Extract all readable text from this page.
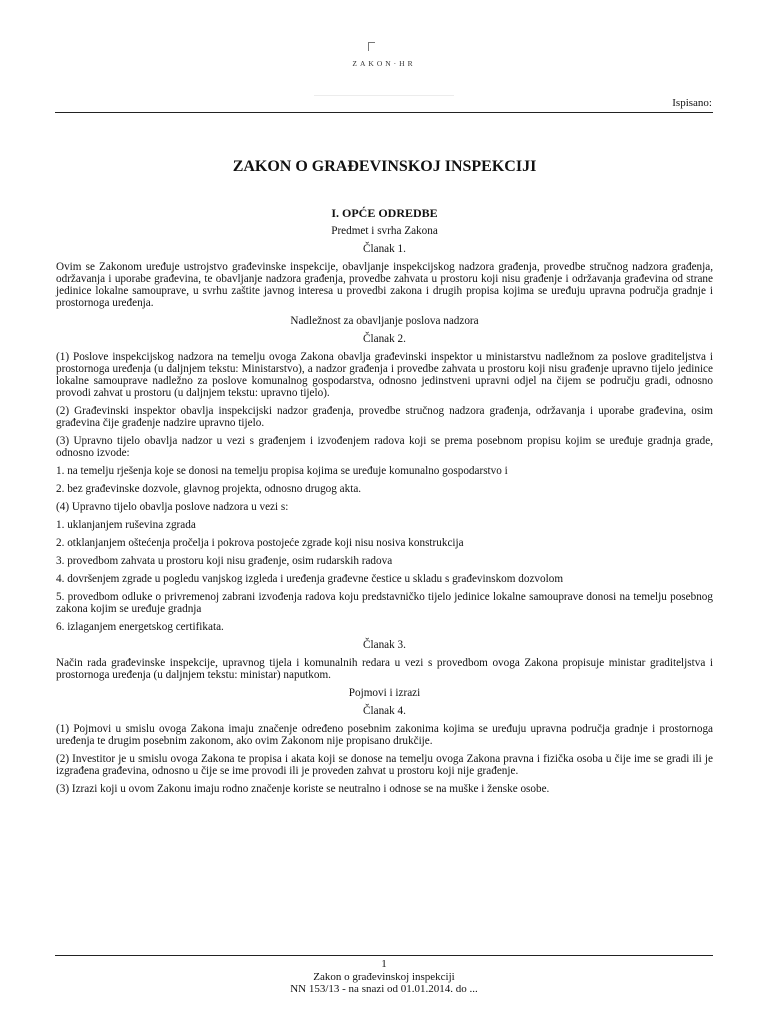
ZAKON·HR
Ispisano:
ZAKON O GRAĐEVINSKOJ INSPEKCIJI
I. OPĆE ODREDBE
Predmet i svrha Zakona
Članak 1.
Ovim se Zakonom uređuje ustrojstvo građevinske inspekcije, obavljanje inspekcijskog nadzora građenja, provedbe stručnog nadzora građenja, održavanja i uporabe građevina, te obavljanje nadzora građenja, provedbe zahvata u prostoru koji nisu građenje i održavanja građevina od strane jedinice lokalne samouprave, u svrhu zaštite javnog interesa u provedbi zakona i drugih propisa kojima se uređuju upravna područja gradnje i prostornoga uređenja.
Nadležnost za obavljanje poslova nadzora
Članak 2.
(1) Poslove inspekcijskog nadzora na temelju ovoga Zakona obavlja građevinski inspektor u ministarstvu nadležnom za poslove graditeljstva i prostornoga uređenja (u daljnjem tekstu: Ministarstvo), a nadzor građenja i provedbe zahvata u prostoru koji nisu građenje upravno tijelo jedinice lokalne samouprave nadležno za poslove komunalnog gospodarstva, odnosno jedinstveni upravni odjel na čijem se području gradi, odnosno provodi zahvat u prostoru (u daljnjem tekstu: upravno tijelo).
(2) Građevinski inspektor obavlja inspekcijski nadzor građenja, provedbe stručnog nadzora građenja, održavanja i uporabe građevina, osim građevina čije građenje nadzire upravno tijelo.
(3) Upravno tijelo obavlja nadzor u vezi s građenjem i izvođenjem radova koji se prema posebnom propisu kojim se uređuje gradnja grade, odnosno izvode:
1. na temelju rješenja koje se donosi na temelju propisa kojima se uređuje komunalno gospodarstvo i
2. bez građevinske dozvole, glavnog projekta, odnosno drugog akta.
(4) Upravno tijelo obavlja poslove nadzora u vezi s:
1. uklanjanjem ruševina zgrada
2. otklanjanjem oštećenja pročelja i pokrova postojeće zgrade koji nisu nosiva konstrukcija
3. provedbom zahvata u prostoru koji nisu građenje, osim rudarskih radova
4. dovršenjem zgrade u pogledu vanjskog izgleda i uređenja građevne čestice u skladu s građevinskom dozvolom
5. provedbom odluke o privremenoj zabrani izvođenja radova koju predstavničko tijelo jedinice lokalne samouprave donosi na temelju posebnog zakona kojim se uređuje gradnja
6. izlaganjem energetskog certifikata.
Članak 3.
Način rada građevinske inspekcije, upravnog tijela i komunalnih redara u vezi s provedbom ovoga Zakona propisuje ministar graditeljstva i prostornoga uređenja (u daljnjem tekstu: ministar) naputkom.
Pojmovi i izrazi
Članak 4.
(1) Pojmovi u smislu ovoga Zakona imaju značenje određeno posebnim zakonima kojima se uređuju upravna područja gradnje i prostornoga uređenja te drugim posebnim zakonom, ako ovim Zakonom nije propisano drukčije.
(2) Investitor je u smislu ovoga Zakona te propisa i akata koji se donose na temelju ovoga Zakona pravna i fizička osoba u čije ime se gradi ili je izgrađena građevina, odnosno u čije se ime provodi ili je proveden zahvat u prostoru koji nije građenje.
(3) Izrazi koji u ovom Zakonu imaju rodno značenje koriste se neutralno i odnose se na muške i ženske osobe.
1
Zakon o građevinskoj inspekciji
NN 153/13 - na snazi od 01.01.2014. do ...
